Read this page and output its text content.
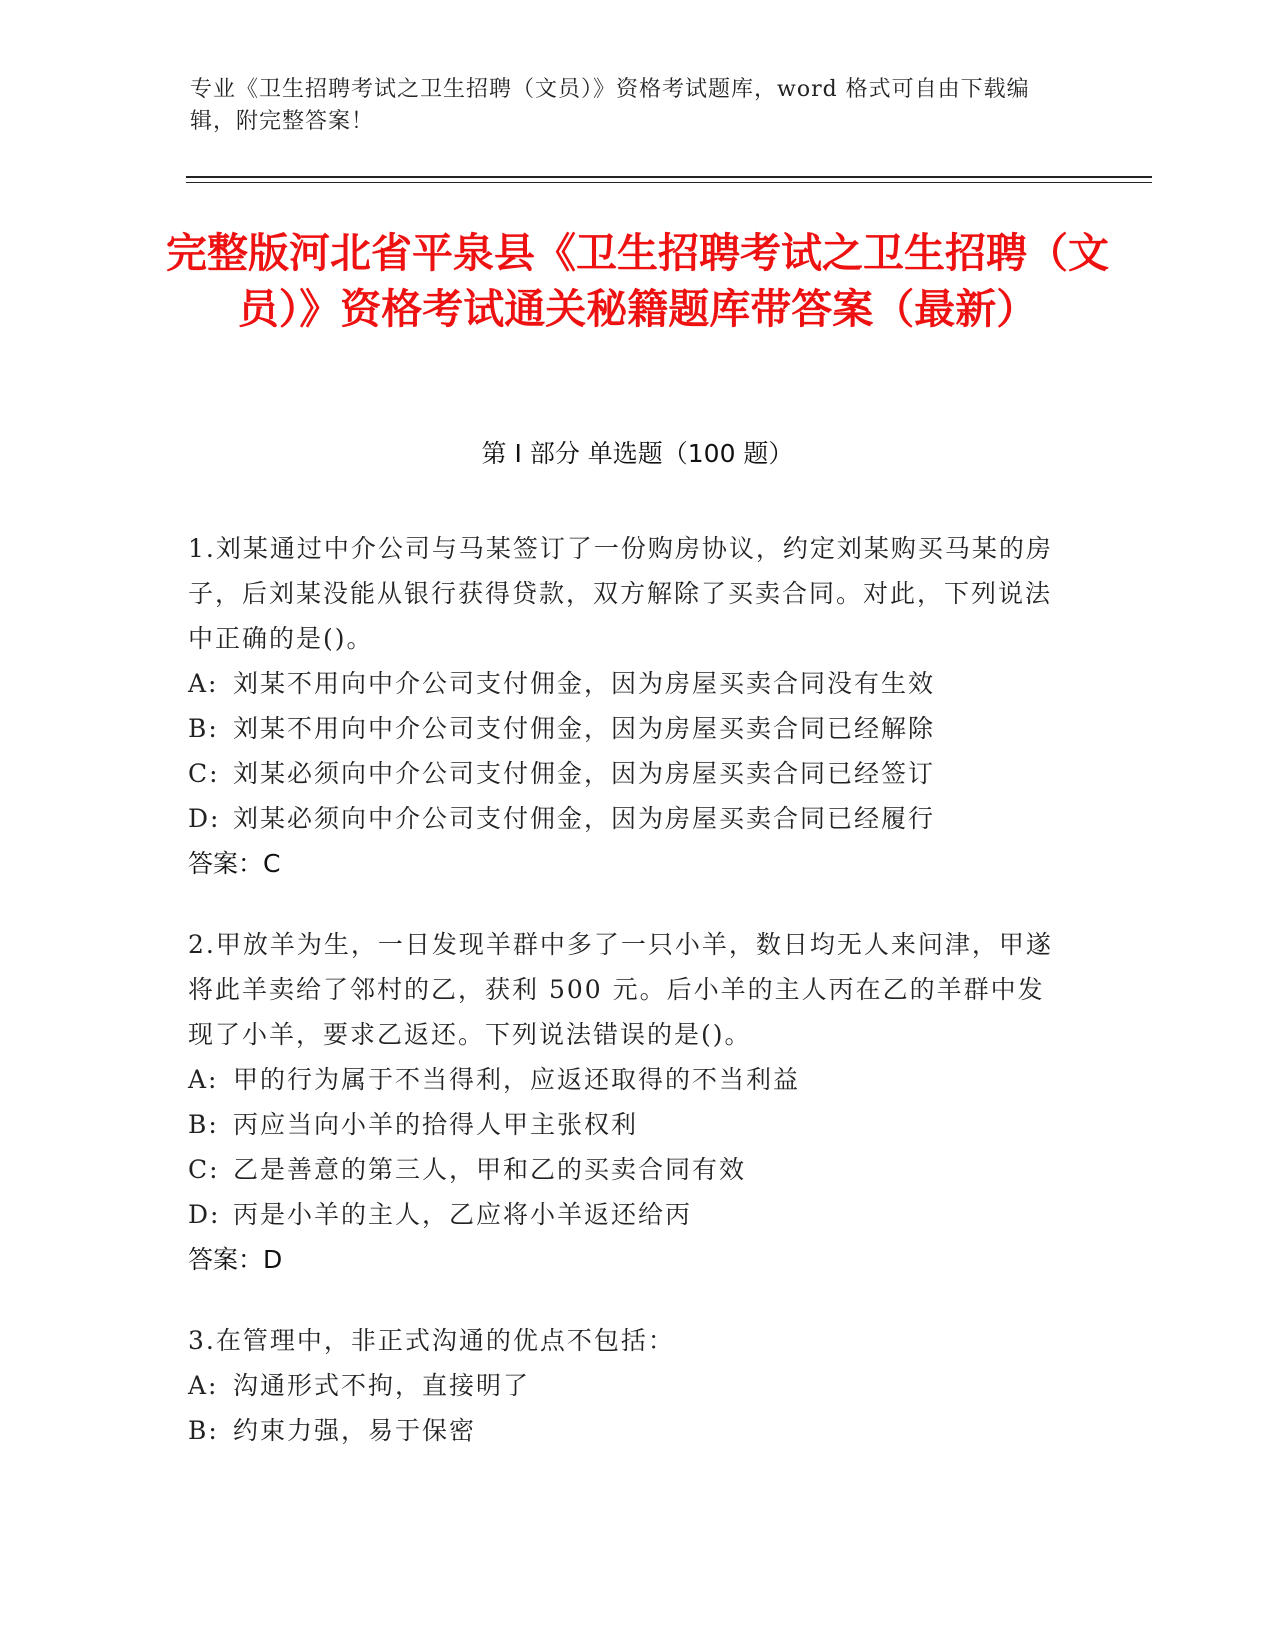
专业《卫生招聘考试之卫生招聘（文员）》资格考试题库，word 格式可自由下载编辑，附完整答案！
完整版河北省平泉县《卫生招聘考试之卫生招聘（文员）》资格考试通关秘籍题库带答案（最新）
第 I 部分 单选题（100 题）
1.刘某通过中介公司与马某签订了一份购房协议，约定刘某购买马某的房子，后刘某没能从银行获得贷款，双方解除了买卖合同。对此，下列说法中正确的是()。
A: 刘某不用向中介公司支付佣金，因为房屋买卖合同没有生效
B: 刘某不用向中介公司支付佣金，因为房屋买卖合同已经解除
C: 刘某必须向中介公司支付佣金，因为房屋买卖合同已经签订
D: 刘某必须向中介公司支付佣金，因为房屋买卖合同已经履行
答案：C
2.甲放羊为生，一日发现羊群中多了一只小羊，数日均无人来问津，甲遂将此羊卖给了邻村的乙，获利 500 元。后小羊的主人丙在乙的羊群中发现了小羊，要求乙返还。下列说法错误的是()。
A: 甲的行为属于不当得利，应返还取得的不当利益
B: 丙应当向小羊的拾得人甲主张权利
C: 乙是善意的第三人，甲和乙的买卖合同有效
D: 丙是小羊的主人，乙应将小羊返还给丙
答案：D
3.在管理中，非正式沟通的优点不包括：
A: 沟通形式不拘，直接明了
B: 约束力强，易于保密
